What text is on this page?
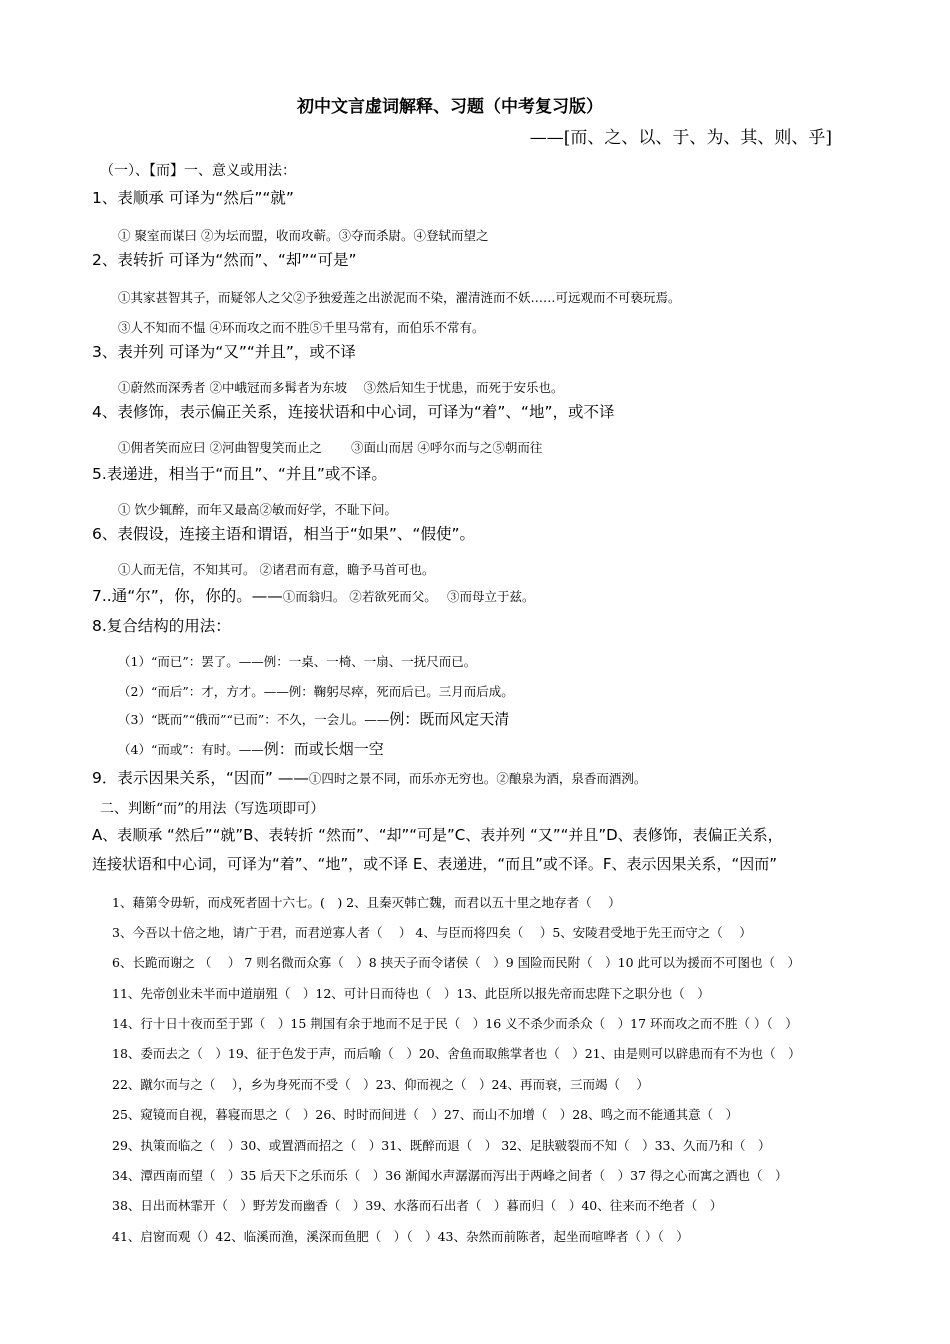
初中文言虚词解释、习题（中考复习版）
——[而、之、以、于、为、其、则、乎]
（一）、【而】一、意义或用法：
1、表顺承 可译为“然后”“就”
① 聚室而谋曰 ②为坛而盟，收而攻蕲。③夺而杀尉。④登轼而望之
2、表转折 可译为“然而”、“却”“可是”
①其家甚智其子，而疑邻人之父②予独爱莲之出淤泥而不染，濯清涟而不妖……可远观而不可亵玩焉。
③人不知而不愠 ④环而攻之而不胜⑤千里马常有，而伯乐不常有。
3、表并列 可译为“又”“并且”，或不译
①蔚然而深秀者 ②中峨冠而多髯者为东坡　 ③然后知生于忧患，而死于安乐也。
4、表修饰，表示偏正关系，连接状语和中心词，可译为“着”、“地”，或不译
①佣者笑而应曰 ②河曲智叟笑而止之　　 ③面山而居 ④呼尔而与之⑤朝而往
5.表递进，相当于“而且”、“并且”或不译。
① 饮少辄醉，而年又最高②敏而好学，不耻下问。
6、表假设，连接主语和谓语，相当于“如果”、“假使”。
①人而无信，不知其可。 ②诸君而有意，瞻予马首可也。
7..通“尔”，你，你的。——①而翁归。 ②若欲死而父。　 ③而母立于兹。
8.复合结构的用法：
（1）“而已”：罢了。——例：一桌、一椅、一扇、一抚尺而已。
（2）“而后”：才，方才。——例：鞠躬尽瘁，死而后已。三月而后成。
（3）“既而”“俄而”“已而”：不久，一会儿。——例：既而风定天清
（4）“而或”：有时。——例：而或长烟一空
9．表示因果关系，“因而” ——①四时之景不同，而乐亦无穷也。②酿泉为酒，泉香而酒洌。
二、判断“而”的用法（写选项即可）
A、表顺承 “然后”“就”B、表转折 “然而”、“却”“可是”C、表并列 “又”“并且”D、表修饰，表偏正关系，
连接状语和中心词，可译为“着”、“地”，或不译 E、表递进，“而且”或不译。F、表示因果关系，“因而”
1、藉第令毋斩，而戍死者固十六七。(　) 2、且秦灭韩亡魏，而君以五十里之地存者（　 ）
3、今吾以十倍之地，请广于君，而君逆寡人者（　 ） 4、与臣而将四矣（　 ）5、安陵君受地于先王而守之（　 ）
6、长跪而谢之 （　 ） 7 则名微而众寡（　）8 挟天子而令诸侯（　）9 国险而民附（　）10 此可以为援而不可图也（　）
11、先帝创业未半而中道崩殂（　）12、可计日而待也（　）13、此臣所以报先帝而忠陛下之职分也（　）
14、行十日十夜而至于郢（　）15 荆国有余于地而不足于民（　）16 义不杀少而杀众（　）17 环而攻之而不胜（ ）（　）
18、委而去之（　）19、征于色发于声，而后喻（　）20、舍鱼而取熊掌者也（　）21、由是则可以辟患而有不为也（　）
22、蹴尔而与之（　 ），乡为身死而不受（　）23、仰而视之（　）24、再而衰，三而竭（　 ）
25、窥镜而自视，暮寝而思之（　）26、时时而间进（　）27、而山不加增（　）28、鸣之而不能通其意（　）
29、执策而临之（　）30、或置酒而招之（　）31、既醉而退（　） 32、足肤皲裂而不知（　）33、久而乃和（　）
34、潭西南而望（　）35 后天下之乐而乐（　）36 渐闻水声潺潺而泻出于两峰之间者（　）37 得之心而寓之酒也（　）
38、日出而林霏开（　）野芳发而幽香（　）39、水落而石出者（　）暮而归（　）40、往来而不绝者（　）
41、启窗而观（）42、临溪而渔，溪深而鱼肥（　）（　）43、杂然而前陈者，起坐而喧哗者（ ）（　）
